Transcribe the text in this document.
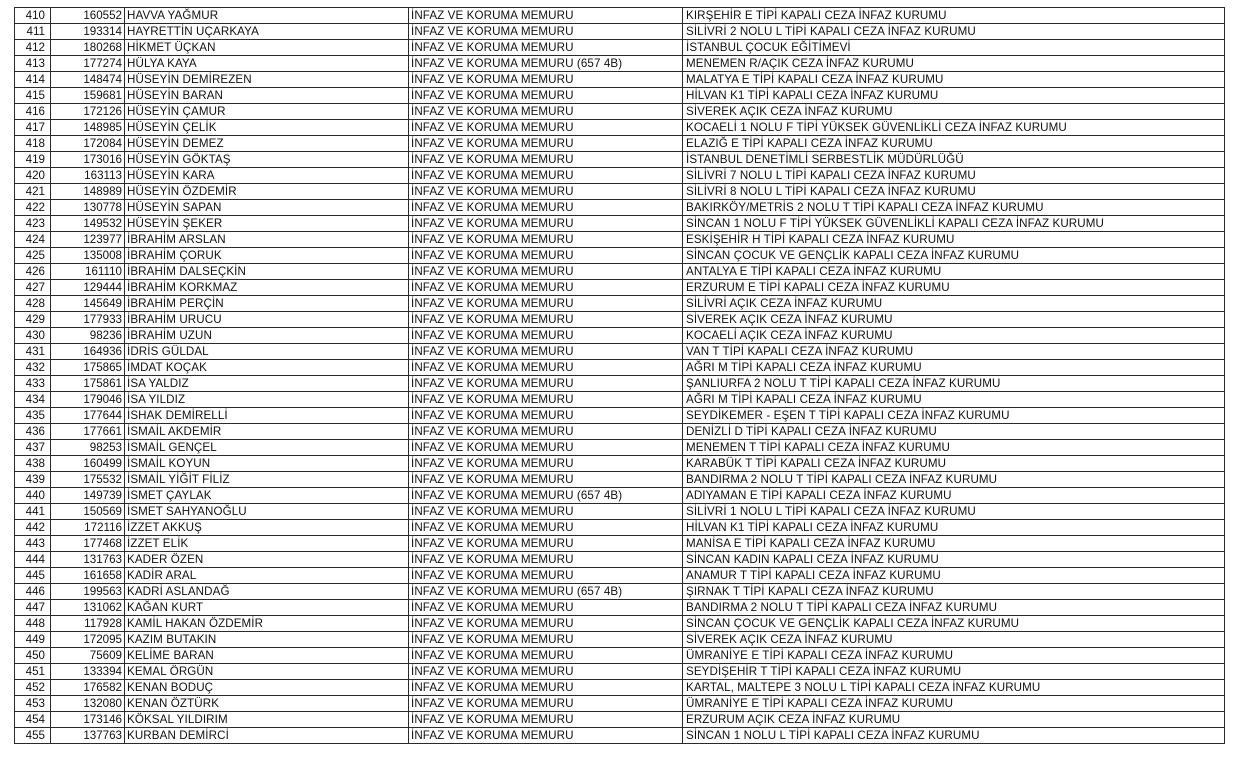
410	160552	HAVVA YAĞMUR	İNFAZ VE KORUMA MEMURU	KIRŞEHİR E TİPİ KAPALI CEZA İNFAZ KURUMU
411	193314	HAYRETTİN UÇARKAYA	İNFAZ VE KORUMA MEMURU	SİLİVRİ 2 NOLU L TİPİ KAPALI CEZA İNFAZ KURUMU
412	180268	HİKMET ÜÇKAN	İNFAZ VE KORUMA MEMURU	İSTANBUL ÇOCUK EĞİTİMEVİ
413	177274	HÜLYA KAYA	İNFAZ VE KORUMA MEMURU (657 4B)	MENEMEN R/AÇIK CEZA İNFAZ KURUMU
414	148474	HÜSEYİN DEMİREZEN	İNFAZ VE KORUMA MEMURU	MALATYA E TİPİ KAPALI CEZA İNFAZ KURUMU
415	159681	HÜSEYİN BARAN	İNFAZ VE KORUMA MEMURU	HİLVAN K1 TİPİ KAPALI CEZA İNFAZ KURUMU
416	172126	HÜSEYİN ÇAMUR	İNFAZ VE KORUMA MEMURU	SİVEREK AÇIK CEZA İNFAZ KURUMU
417	148985	HÜSEYİN ÇELİK	İNFAZ VE KORUMA MEMURU	KOCAELİ 1 NOLU F TİPİ YÜKSEK GÜVENLİKLİ CEZA İNFAZ KURUMU
418	172084	HÜSEYİN DEMEZ	İNFAZ VE KORUMA MEMURU	ELAZIĞ E TİPİ KAPALI CEZA İNFAZ KURUMU
419	173016	HÜSEYİN GÖKTAŞ	İNFAZ VE KORUMA MEMURU	İSTANBUL DENETİMLİ SERBESTLİK MÜDÜRLÜĞÜ
420	163113	HÜSEYİN KARA	İNFAZ VE KORUMA MEMURU	SİLİVRİ 7 NOLU L TİPİ KAPALI CEZA İNFAZ KURUMU
421	148989	HÜSEYİN ÖZDEMİR	İNFAZ VE KORUMA MEMURU	SİLİVRİ 8 NOLU L TİPİ KAPALI CEZA İNFAZ KURUMU
422	130778	HÜSEYİN SAPAN	İNFAZ VE KORUMA MEMURU	BAKIRKÖY/METRİS 2 NOLU T TİPİ KAPALI CEZA İNFAZ KURUMU
423	149532	HÜSEYİN ŞEKER	İNFAZ VE KORUMA MEMURU	SİNCAN 1 NOLU F TİPİ YÜKSEK GÜVENLİKLİ KAPALI CEZA İNFAZ KURUMU
424	123977	İBRAHİM ARSLAN	İNFAZ VE KORUMA MEMURU	ESKİŞEHİR H TİPİ KAPALI CEZA İNFAZ KURUMU
425	135008	İBRAHİM ÇORUK	İNFAZ VE KORUMA MEMURU	SİNCAN ÇOCUK VE GENÇLİK KAPALI CEZA İNFAZ KURUMU
426	161110	İBRAHİM DALSEÇKİN	İNFAZ VE KORUMA MEMURU	ANTALYA E TİPİ KAPALI CEZA İNFAZ KURUMU
427	129444	İBRAHİM KORKMAZ	İNFAZ VE KORUMA MEMURU	ERZURUM E TİPİ KAPALI CEZA İNFAZ KURUMU
428	145649	İBRAHİM PERÇİN	İNFAZ VE KORUMA MEMURU	SİLİVRİ AÇIK CEZA İNFAZ KURUMU
429	177933	İBRAHİM URUCU	İNFAZ VE KORUMA MEMURU	SİVEREK AÇIK CEZA İNFAZ KURUMU
430	98236	İBRAHİM UZUN	İNFAZ VE KORUMA MEMURU	KOCAELİ AÇIK CEZA İNFAZ KURUMU
431	164936	İDRİS GÜLDAL	İNFAZ VE KORUMA MEMURU	VAN T TİPİ KAPALI CEZA İNFAZ KURUMU
432	175865	İMDAT KOÇAK	İNFAZ VE KORUMA MEMURU	AĞRI M TİPİ KAPALI CEZA İNFAZ KURUMU
433	175861	İSA YALDIZ	İNFAZ VE KORUMA MEMURU	ŞANLIURFA 2 NOLU T TİPİ KAPALI CEZA İNFAZ KURUMU
434	179046	İSA YILDIZ	İNFAZ VE KORUMA MEMURU	AĞRI M TİPİ KAPALI CEZA İNFAZ KURUMU
435	177644	İSHAK DEMİRELLİ	İNFAZ VE KORUMA MEMURU	SEYDİKEMER - EŞEN T TİPİ KAPALI CEZA İNFAZ KURUMU
436	177661	İSMAİL AKDEMİR	İNFAZ VE KORUMA MEMURU	DENİZLİ D TİPİ KAPALI CEZA İNFAZ KURUMU
437	98253	İSMAİL GENÇEL	İNFAZ VE KORUMA MEMURU	MENEMEN T TİPİ KAPALI CEZA İNFAZ KURUMU
438	160499	İSMAİL KOYUN	İNFAZ VE KORUMA MEMURU	KARABÜK T TİPİ KAPALI CEZA İNFAZ KURUMU
439	175532	İSMAİL YİĞİT FİLİZ	İNFAZ VE KORUMA MEMURU	BANDIRMA 2 NOLU T TİPİ KAPALI CEZA İNFAZ KURUMU
440	149739	İSMET ÇAYLAK	İNFAZ VE KORUMA MEMURU (657 4B)	ADIYAMAN E TİPİ KAPALI CEZA İNFAZ KURUMU
441	150569	İSMET SAHYANOĞLU	İNFAZ VE KORUMA MEMURU	SİLİVRİ 1 NOLU L TİPİ KAPALI CEZA İNFAZ KURUMU
442	172116	İZZET AKKUŞ	İNFAZ VE KORUMA MEMURU	HİLVAN K1 TİPİ KAPALI CEZA İNFAZ KURUMU
443	177468	İZZET ELİK	İNFAZ VE KORUMA MEMURU	MANİSA E TİPİ KAPALI CEZA İNFAZ KURUMU
444	131763	KADER ÖZEN	İNFAZ VE KORUMA MEMURU	SİNCAN KADIN KAPALI CEZA İNFAZ KURUMU
445	161658	KADİR ARAL	İNFAZ VE KORUMA MEMURU	ANAMUR T TİPİ KAPALI CEZA İNFAZ KURUMU
446	199563	KADRİ ASLANDAĞ	İNFAZ VE KORUMA MEMURU (657 4B)	ŞIRNAK T TİPİ KAPALI CEZA İNFAZ KURUMU
447	131062	KAĞAN KURT	İNFAZ VE KORUMA MEMURU	BANDIRMA 2 NOLU T TİPİ KAPALI CEZA İNFAZ KURUMU
448	117928	KAMİL HAKAN ÖZDEMİR	İNFAZ VE KORUMA MEMURU	SİNCAN ÇOCUK VE GENÇLİK KAPALI CEZA İNFAZ KURUMU
449	172095	KAZIM BUTAKIN	İNFAZ VE KORUMA MEMURU	SİVEREK AÇIK CEZA İNFAZ KURUMU
450	75609	KELİME BARAN	İNFAZ VE KORUMA MEMURU	ÜMRANİYE E TİPİ KAPALI CEZA İNFAZ KURUMU
451	133394	KEMAL ÖRGÜN	İNFAZ VE KORUMA MEMURU	SEYDİŞEHİR T TİPİ KAPALI CEZA İNFAZ KURUMU
452	176582	KENAN BODUÇ	İNFAZ VE KORUMA MEMURU	KARTAL, MALTEPE 3 NOLU L TİPİ KAPALI CEZA İNFAZ KURUMU
453	132080	KENAN ÖZTÜRK	İNFAZ VE KORUMA MEMURU	ÜMRANİYE E TİPİ KAPALI CEZA İNFAZ KURUMU
454	173146	KÖKSAL YILDIRIM	İNFAZ VE KORUMA MEMURU	ERZURUM AÇIK CEZA İNFAZ KURUMU
455	137763	KURBAN DEMİRCİ	İNFAZ VE KORUMA MEMURU	SİNCAN 1 NOLU L TİPİ KAPALI CEZA İNFAZ KURUMU
